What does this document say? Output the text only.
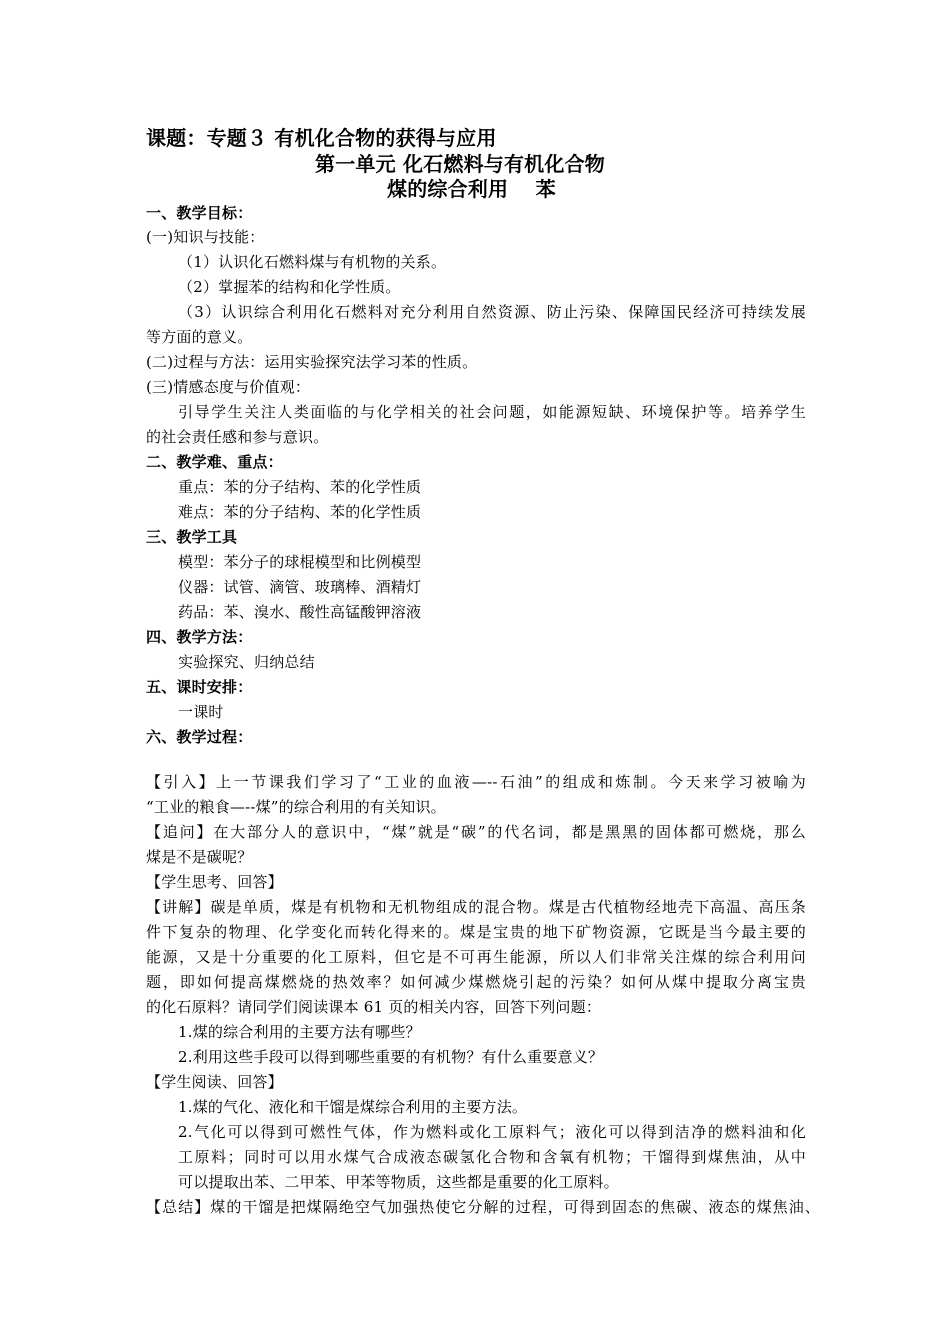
课题：专题３ 有机化合物的获得与应用
第一单元 化石燃料与有机化合物
煤的综合利用　 苯
一、教学目标：
(一)知识与技能：
（1）认识化石燃料煤与有机物的关系。
（2）掌握苯的结构和化学性质。
（3）认识综合利用化石燃料对充分利用自然资源、防止污染、保障国民经济可持续发展
等方面的意义。
(二)过程与方法：运用实验探究法学习苯的性质。
(三)情感态度与价值观：
引导学生关注人类面临的与化学相关的社会问题，如能源短缺、环境保护等。培养学生
的社会责任感和参与意识。
二、教学难、重点：
重点：苯的分子结构、苯的化学性质
难点：苯的分子结构、苯的化学性质
三、教学工具
模型：苯分子的球棍模型和比例模型
仪器：试管、滴管、玻璃棒、酒精灯
药品：苯、溴水、酸性高锰酸钾溶液
四、教学方法：
实验探究、归纳总结
五、课时安排：
一课时
六、教学过程：
【引入】上一节课我们学习了“工业的血液—--石油”的组成和炼制。今天来学习被喻为
“工业的粮食—--煤”的综合利用的有关知识。
【追问】在大部分人的意识中，“煤”就是“碳”的代名词，都是黑黑的固体都可燃烧，那么
煤是不是碳呢？
【学生思考、回答】
【讲解】碳是单质，煤是有机物和无机物组成的混合物。煤是古代植物经地壳下高温、高压条
件下复杂的物理、化学变化而转化得来的。煤是宝贵的地下矿物资源，它既是当今最主要的
能源，又是十分重要的化工原料，但它是不可再生能源，所以人们非常关注煤的综合利用问
题，即如何提高煤燃烧的热效率？如何减少煤燃烧引起的污染？如何从煤中提取分离宝贵
的化石原料？请同学们阅读课本 61 页的相关内容，回答下列问题：
1.煤的综合利用的主要方法有哪些？
2.利用这些手段可以得到哪些重要的有机物？有什么重要意义？
【学生阅读、回答】
1.煤的气化、液化和干馏是煤综合利用的主要方法。
2.气化可以得到可燃性气体，作为燃料或化工原料气；液化可以得到洁净的燃料油和化
工原料；同时可以用水煤气合成液态碳氢化合物和含氧有机物；干馏得到煤焦油，从中
可以提取出苯、二甲苯、甲苯等物质，这些都是重要的化工原料。
【总结】煤的干馏是把煤隔绝空气加强热使它分解的过程，可得到固态的焦碳、液态的煤焦油、
